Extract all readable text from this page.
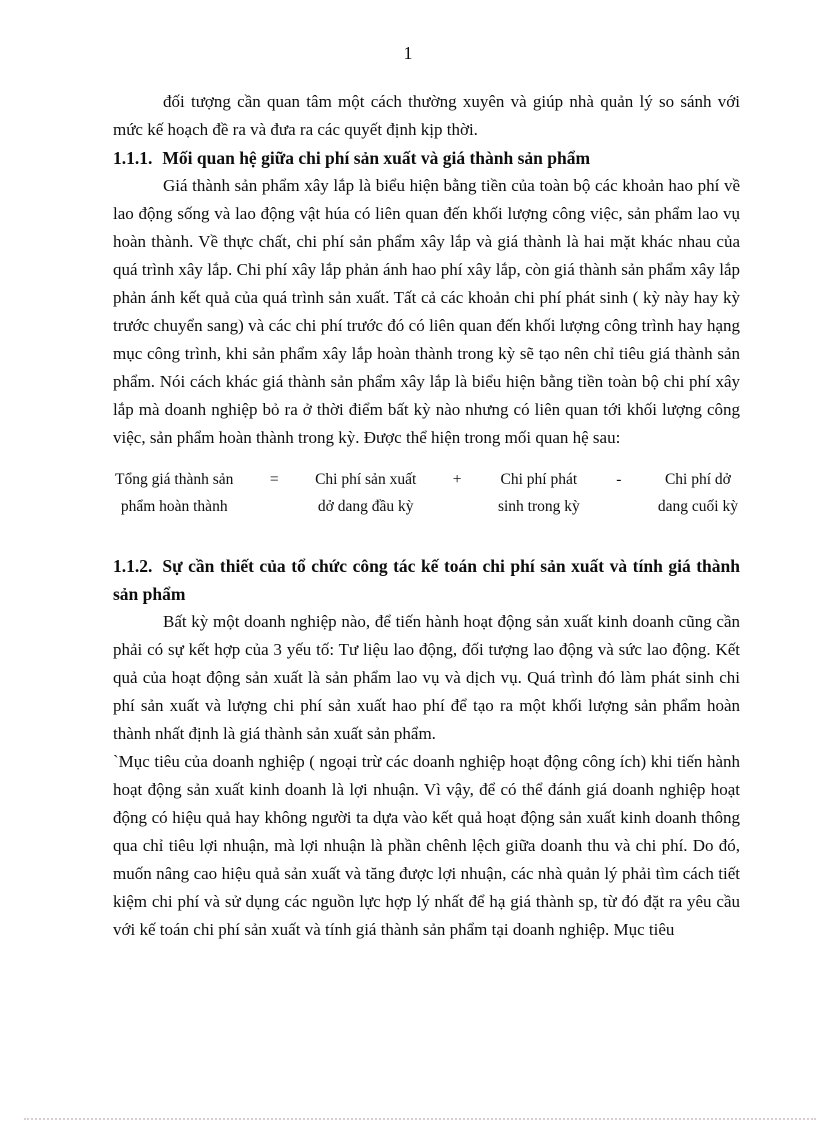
1

đối tượng cần quan tâm một cách thường xuyên và giúp nhà quản lý so sánh với mức kế hoạch đề ra và đưa ra các quyết định kịp thời.

1.1.1. Mối quan hệ giữa chi phí sản xuất và giá thành sản phẩm

Giá thành sản phẩm xây lắp là biểu hiện bằng tiền của toàn bộ các khoản hao phí về lao động sống và lao động vật húa có liên quan đến khối lượng công việc, sản phẩm lao vụ hoàn thành. Về thực chất, chi phí sản phẩm xây lắp và giá thành là hai mặt khác nhau của quá trình xây lắp. Chi phí xây lắp phản ánh hao phí xây lắp, còn giá thành sản phẩm xây lắp phản ánh kết quả của quá trình sản xuất. Tất cả các khoản chi phí phát sinh ( kỳ này hay kỳ trước chuyển sang) và các chi phí trước đó có liên quan đến khối lượng công trình hay hạng mục công trình, khi sản phẩm xây lắp hoàn thành trong kỳ sẽ tạo nên chỉ tiêu giá thành sản phẩm. Nói cách khác giá thành sản phẩm xây lắp là biểu hiện bằng tiền toàn bộ chi phí xây lắp mà doanh nghiệp bỏ ra ở thời điểm bất kỳ nào nhưng có liên quan tới khối lượng công việc, sản phẩm hoàn thành trong kỳ. Được thể hiện trong mối quan hệ sau:

Tổng giá thành sản
phẩm hoàn thành
= Chi phí sản xuất
dở dang đầu kỳ
+	Chi phí phát
sinh trong kỳ
-	Chi phí dở
dang cuối kỳ
1.1.2. Sự cần thiết của tổ chức công tác kế toán chi phí sản xuất và tính giá thành sản phẩm

Bất kỳ một doanh nghiệp nào, để tiến hành hoạt động sản xuất kinh doanh cũng cần phải có sự kết hợp của 3 yếu tố: Tư liệu lao động, đối tượng lao động và sức lao động. Kết quả của hoạt động sản xuất là sản phẩm lao vụ và dịch vụ. Quá trình đó làm phát sinh chi phí sản xuất và lượng chi phí sản xuất hao phí để tạo ra một khối lượng sản phẩm hoàn thành nhất định là giá thành sản xuất sản phẩm.

`Mục tiêu của doanh nghiệp ( ngoại trừ các doanh nghiệp hoạt động công ích) khi tiến hành hoạt động sản xuất kinh doanh là lợi nhuận. Vì vậy, để có thể đánh giá doanh nghiệp hoạt động có hiệu quả hay không người ta dựa vào kết quả hoạt động sản xuất kinh doanh thông qua chỉ tiêu lợi nhuận, mà lợi nhuận là phần chênh lệch giữa doanh thu và chi phí. Do đó, muốn nâng cao hiệu quả sản xuất và tăng được lợi nhuận, các nhà quản lý phải tìm cách tiết kiệm chi phí và sử dụng các nguồn lực hợp lý nhất để hạ giá thành sp, từ đó đặt ra yêu cầu với kế toán chi phí sản xuất và tính giá thành sản phẩm tại doanh nghiệp. Mục tiêu
